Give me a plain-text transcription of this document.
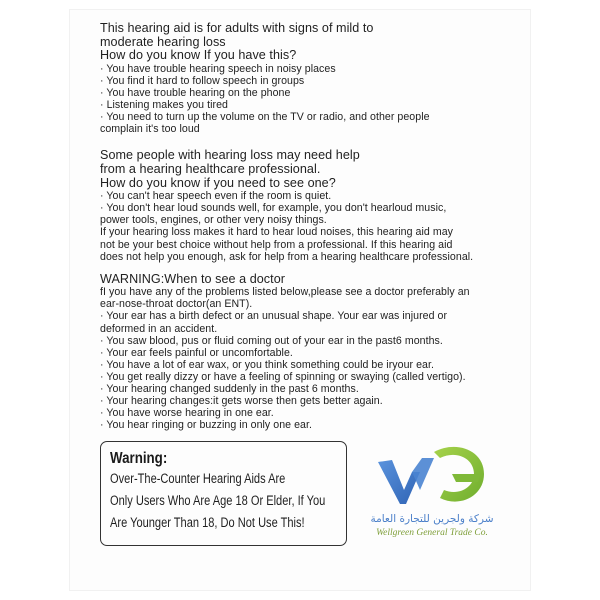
This hearing aid is for adults with signs of mild to
moderate hearing loss
How do you know If you have this?
· You have trouble hearing speech in noisy places
· You find it hard to follow speech in groups
· You have trouble hearing on the phone
· Listening makes you tired
· You need to turn up the volume on the TV or radio, and other people
complain it's too loud
Some people with hearing loss may need help
from a hearing healthcare professional.
How do you know if you need to see one?
· You can't hear speech even if the room is quiet.
· You don't hear loud sounds well, for example, you don't hearloud music,
power tools, engines, or other very noisy things.
If your hearing loss makes it hard to hear loud noises, this hearing aid may
not be your best choice without help from a professional. If this hearing aid
does not help you enough, ask for help from a hearing healthcare professional.
WARNING:When to see a doctor
fI you have any of the problems listed below,please see a doctor preferably an
ear-nose-throat doctor(an ENT).
· Your ear has a birth defect or an unusual shape. Your ear was injured or
deformed in an accident.
· You saw blood, pus or fluid coming out of your ear in the past6 months.
· Your ear feels painful or uncomfortable.
· You have a lot of ear wax, or you think something could be iryour ear.
· You get really dizzy or have a feeling of spinning or swaying (called vertigo).
· Your hearing changed suddenly in the past 6 months.
· Your hearing changes:it gets worse then gets better again.
· You have worse hearing in one ear.
· You hear ringing or buzzing in only one ear.
Warning:
Over-The-Counter Hearing Aids Are
Only Users Who Are Age 18 Or Elder, If You
Are Younger Than 18, Do Not Use This!	شركة ولجرين للتجارة العامة
Wellgreen General Trade Co.
